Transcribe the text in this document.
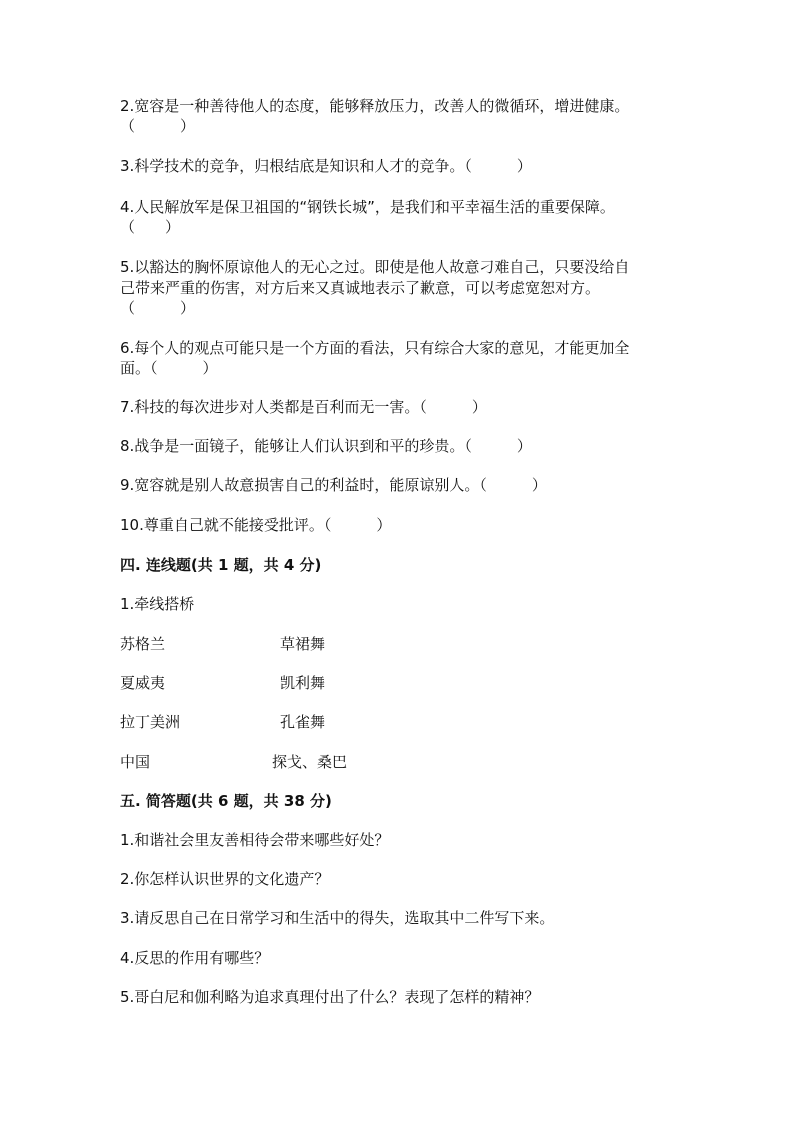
2.宽容是一种善待他人的态度，能够释放压力，改善人的微循环，增进健康。
（　　　）
3.科学技术的竞争，归根结底是知识和人才的竞争。（　　　）
4.人民解放军是保卫祖国的“钢铁长城”，是我们和平幸福生活的重要保障。
（　　）
5.以豁达的胸怀原谅他人的无心之过。即使是他人故意刁难自己，只要没给自
己带来严重的伤害，对方后来又真诚地表示了歉意，可以考虑宽恕对方。
（　　　）
6.每个人的观点可能只是一个方面的看法，只有综合大家的意见，才能更加全
面。（　　　）
7.科技的每次进步对人类都是百利而无一害。（　　　）
8.战争是一面镜子，能够让人们认识到和平的珍贵。（　　　）
9.宽容就是别人故意损害自己的利益时，能原谅别人。（　　　）
10.尊重自己就不能接受批评。（　　　）
四. 连线题(共 1 题，共 4 分)
1.牵线搭桥
苏格兰	草裙舞
夏威夷	凯利舞
拉丁美洲	孔雀舞
中国	探戈、桑巴
五. 简答题(共 6 题，共 38 分)
1.和谐社会里友善相待会带来哪些好处？
2.你怎样认识世界的文化遗产？
3.请反思自己在日常学习和生活中的得失，选取其中二件写下来。
4.反思的作用有哪些？
5.哥白尼和伽利略为追求真理付出了什么？表现了怎样的精神？
